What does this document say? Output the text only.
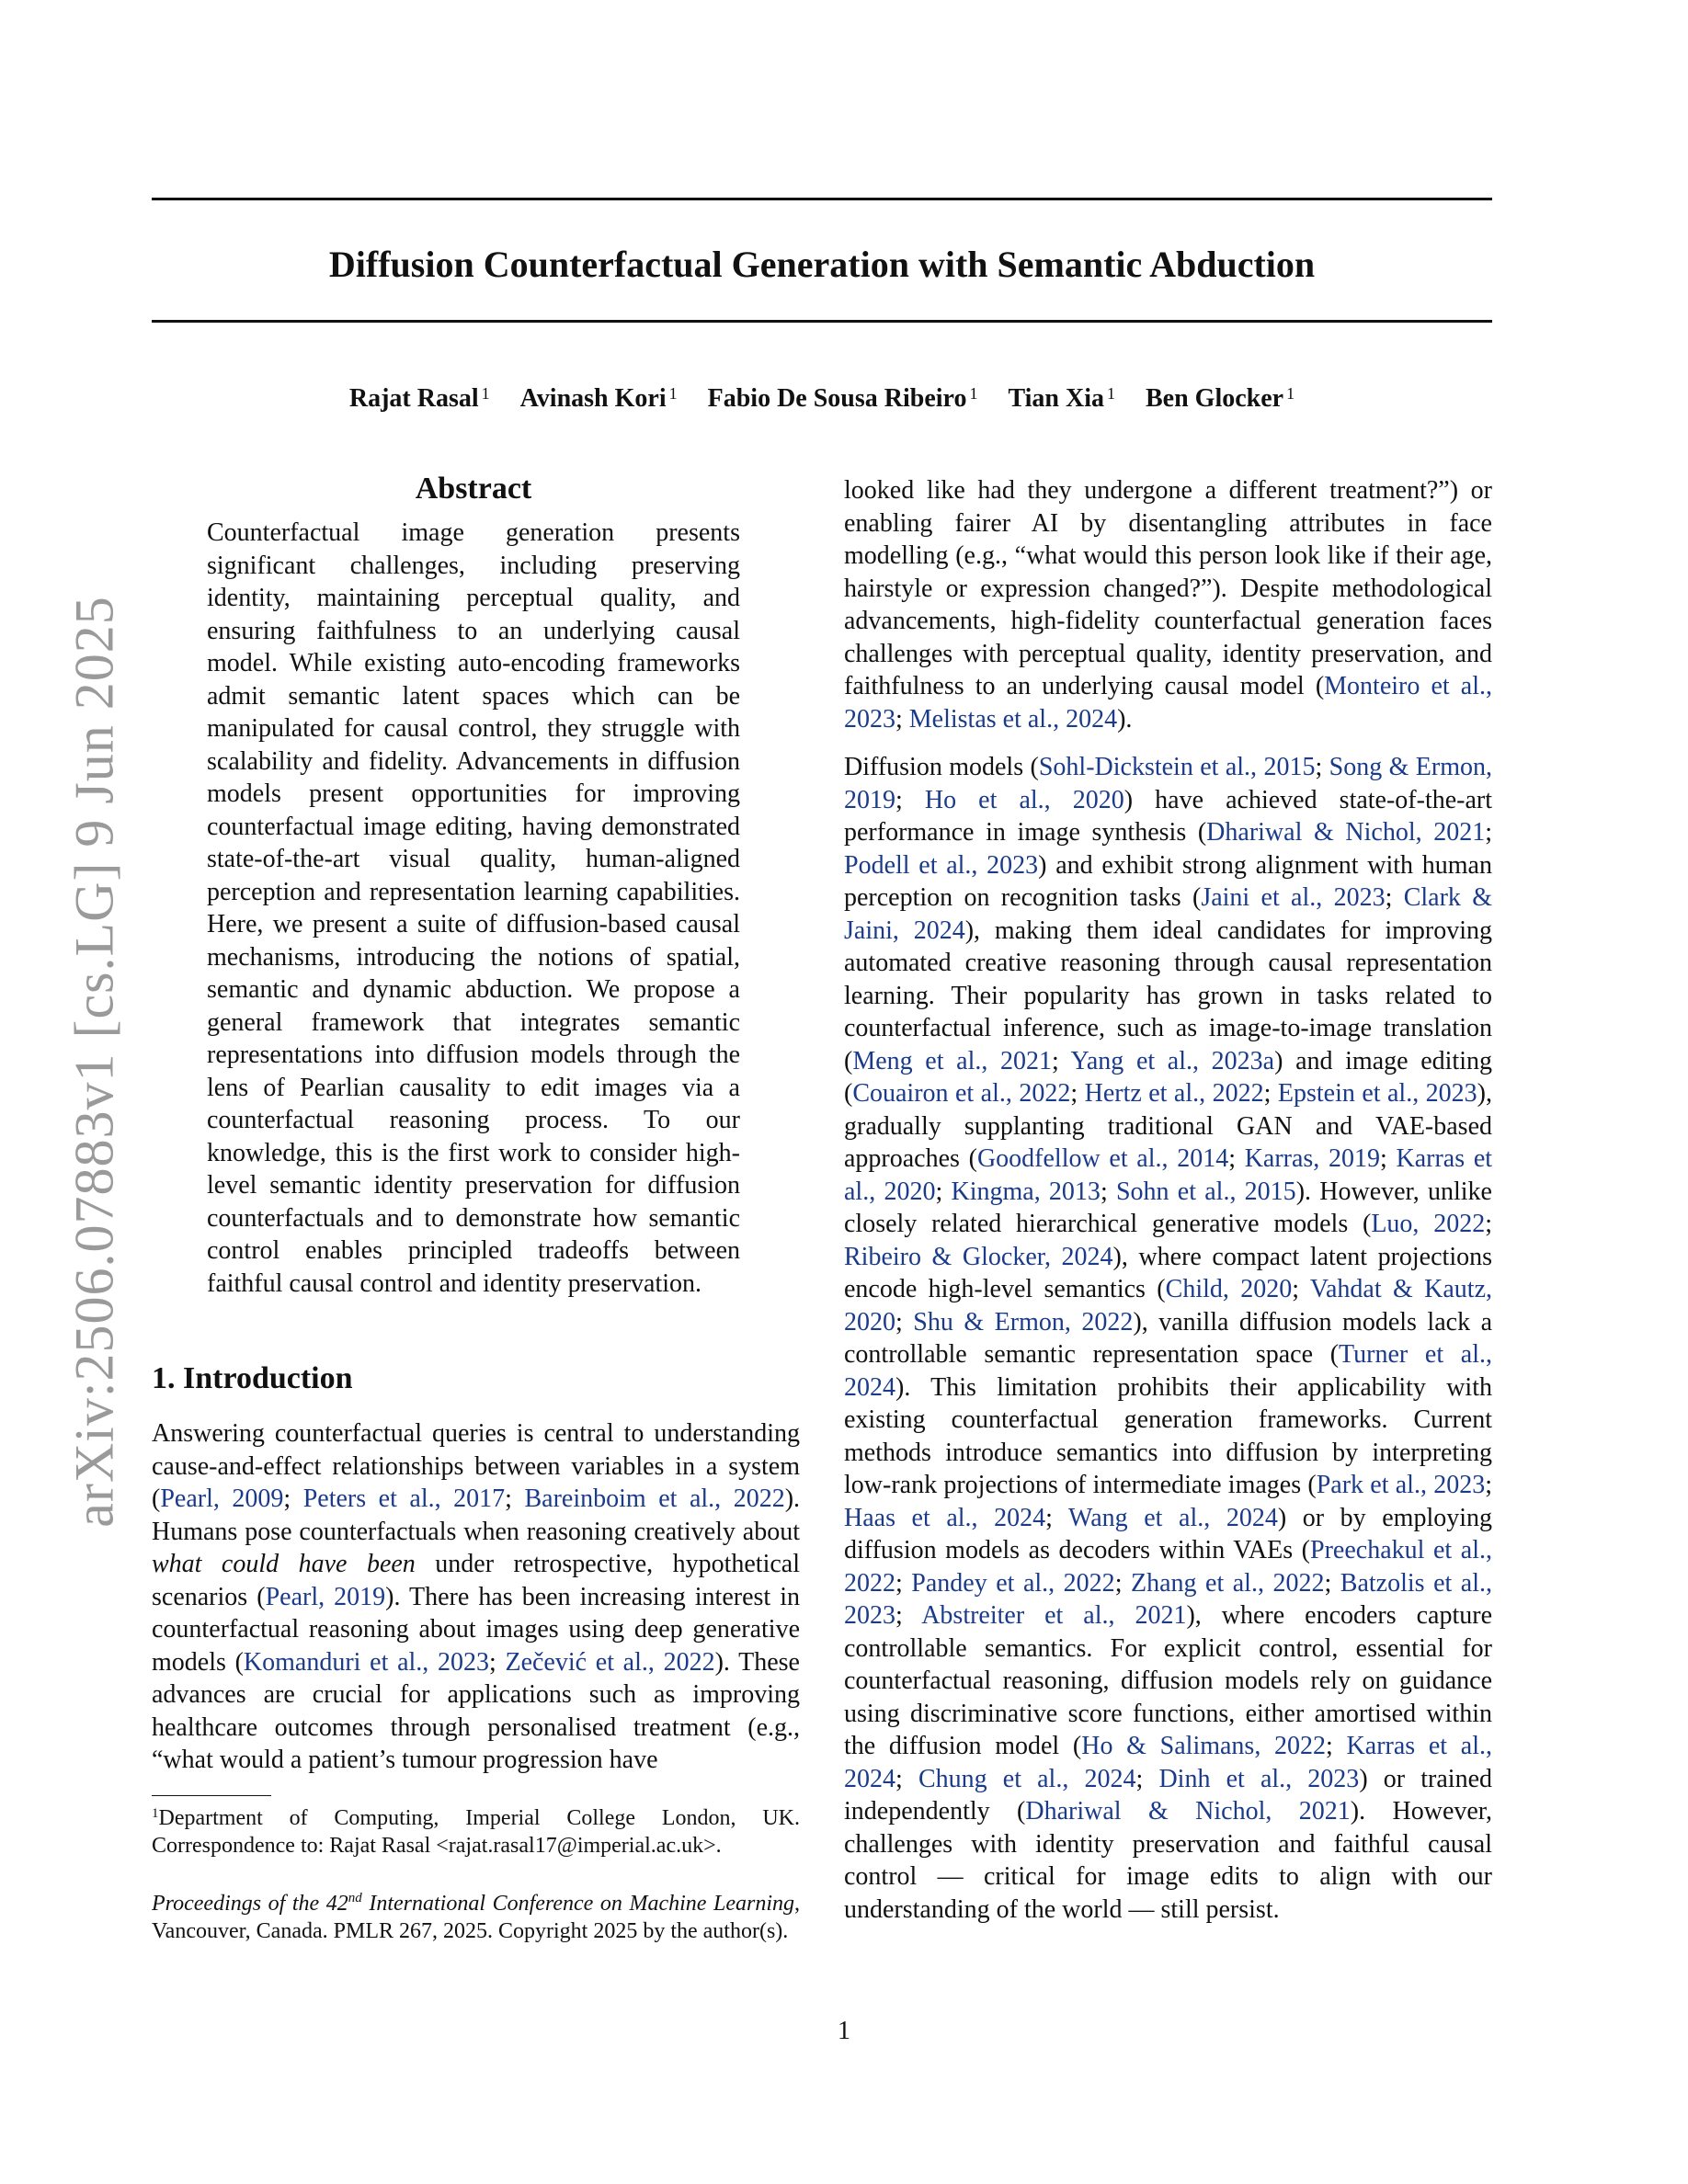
Diffusion Counterfactual Generation with Semantic Abduction
Rajat Rasal $^1$ Avinash Kori $^1$ Fabio De Sousa Ribeiro $^1$ Tian Xia $^1$ Ben Glocker $^1$
arXiv:2506.07883v1 [cs.LG] 9 Jun 2025
Abstract

Counterfactual image generation presents significant challenges, including preserving identity, maintaining perceptual quality, and ensuring faithfulness to an underlying causal model. While existing auto-encoding frameworks admit semantic latent spaces which can be manipulated for causal control, they struggle with scalability and fidelity. Advancements in diffusion models present opportunities for improving counterfactual image editing, having demonstrated state-of-the-art visual quality, human-aligned perception and representation learning capabilities. Here, we present a suite of diffusion-based causal mechanisms, introducing the notions of spatial, semantic and dynamic abduction. We propose a general framework that integrates semantic representations into diffusion models through the lens of Pearlian causality to edit images via a counterfactual reasoning process. To our knowledge, this is the first work to consider high-level semantic identity preservation for diffusion counterfactuals and to demonstrate how semantic control enables principled tradeoffs between faithful causal control and identity preservation.

1. Introduction

Answering counterfactual queries is central to understanding cause-and-effect relationships between variables in a system (Pearl, 2009; Peters et al., 2017; Bareinboim et al., 2022). Humans pose counterfactuals when reasoning creatively about what could have been under retrospective, hypothetical scenarios (Pearl, 2019). There has been increasing interest in counterfactual reasoning about images using deep generative models (Komanduri et al., 2023; Zečević et al., 2022). These advances are crucial for applications such as improving healthcare outcomes through personalised treatment (e.g., “what would a patient’s tumour progression have

$^1$Department of Computing, Imperial College London, UK. Correspondence to: Rajat Rasal <rajat.rasal17@imperial.ac.uk>.

Proceedings of the 42nd International Conference on Machine Learning, Vancouver, Canada. PMLR 267, 2025. Copyright 2025 by the author(s).

looked like had they undergone a different treatment?”) or enabling fairer AI by disentangling attributes in face modelling (e.g., “what would this person look like if their age, hairstyle or expression changed?”). Despite methodological advancements, high-fidelity counterfactual generation faces challenges with perceptual quality, identity preservation, and faithfulness to an underlying causal model (Monteiro et al., 2023; Melistas et al., 2024).

Diffusion models (Sohl-Dickstein et al., 2015; Song & Ermon, 2019; Ho et al., 2020) have achieved state-of-the-art performance in image synthesis (Dhariwal & Nichol, 2021; Podell et al., 2023) and exhibit strong alignment with human perception on recognition tasks (Jaini et al., 2023; Clark & Jaini, 2024), making them ideal candidates for improving automated creative reasoning through causal representation learning. Their popularity has grown in tasks related to counterfactual inference, such as image-to-image translation (Meng et al., 2021; Yang et al., 2023a) and image editing (Couairon et al., 2022; Hertz et al., 2022; Epstein et al., 2023), gradually supplanting traditional GAN and VAE-based approaches (Goodfellow et al., 2014; Karras, 2019; Karras et al., 2020; Kingma, 2013; Sohn et al., 2015). However, unlike closely related hierarchical generative models (Luo, 2022; Ribeiro & Glocker, 2024), where compact latent projections encode high-level semantics (Child, 2020; Vahdat & Kautz, 2020; Shu & Ermon, 2022), vanilla diffusion models lack a controllable semantic representation space (Turner et al., 2024). This limitation prohibits their applicability with existing counterfactual generation frameworks. Current methods introduce semantics into diffusion by interpreting low-rank projections of intermediate images (Park et al., 2023; Haas et al., 2024; Wang et al., 2024) or by employing diffusion models as decoders within VAEs (Preechakul et al., 2022; Pandey et al., 2022; Zhang et al., 2022; Batzolis et al., 2023; Abstreiter et al., 2021), where encoders capture controllable semantics. For explicit control, essential for counterfactual reasoning, diffusion models rely on guidance using discriminative score functions, either amortised within the diffusion model (Ho & Salimans, 2022; Karras et al., 2024; Chung et al., 2024; Dinh et al., 2023) or trained independently (Dhariwal & Nichol, 2021). However, challenges with identity preservation and faithful causal control — critical for image edits to align with our understanding of the world — still persist.

1
